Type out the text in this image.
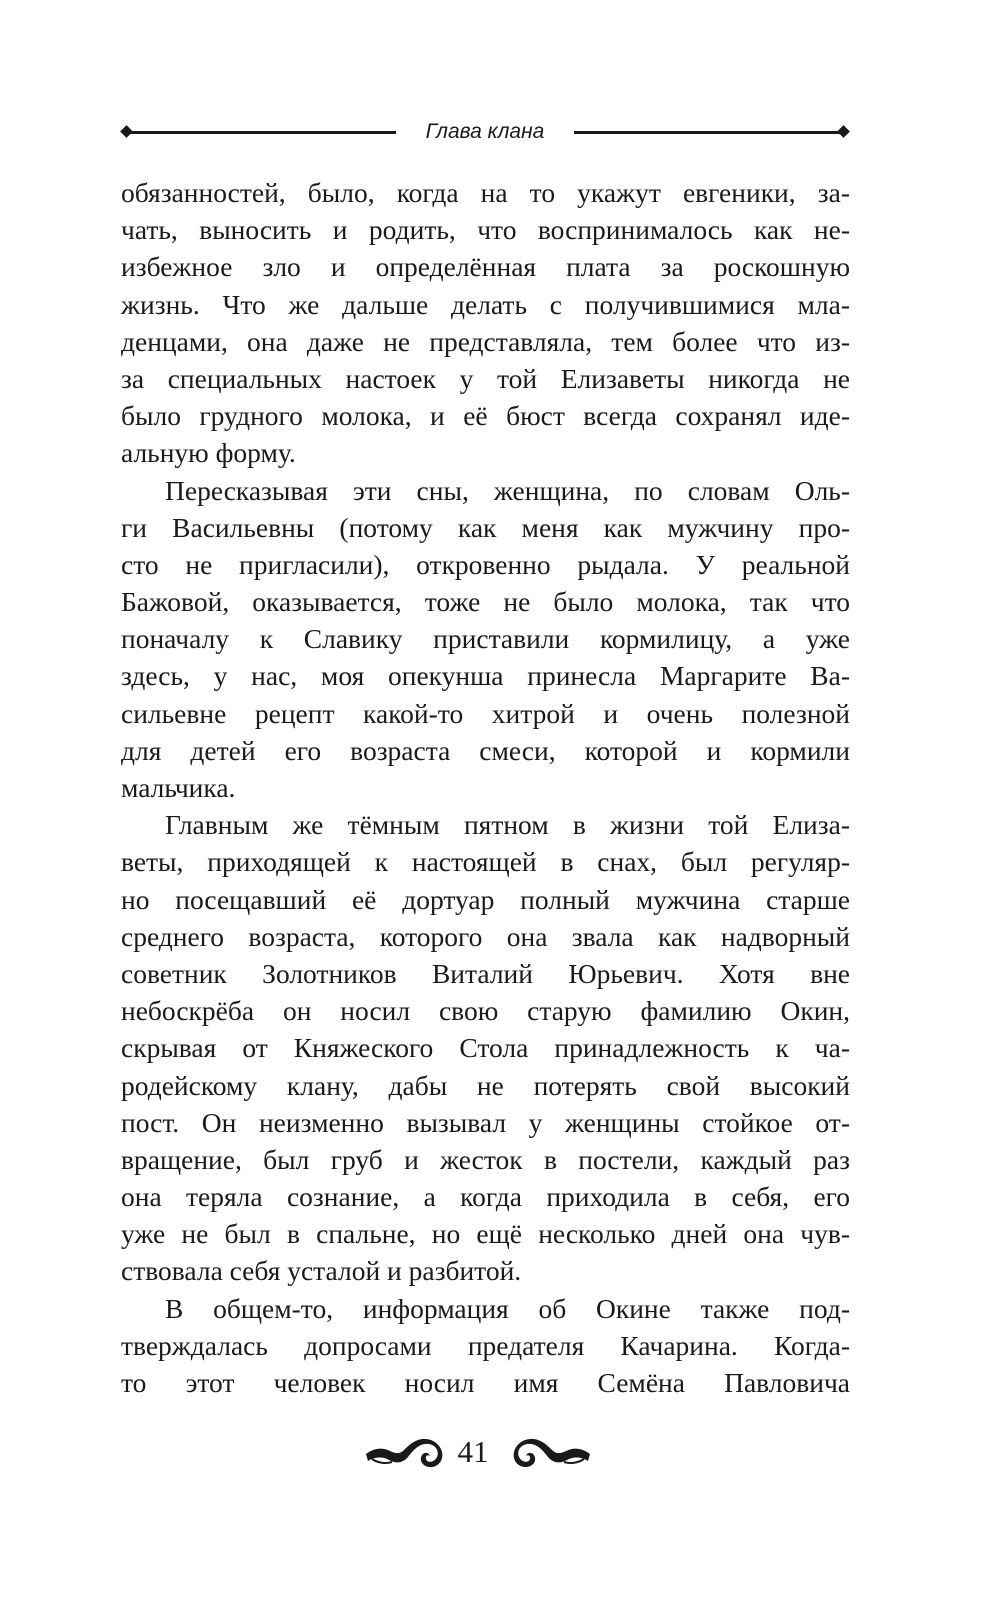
Глава клана
обязанностей, было, когда на то укажут евгеники, за-
чать, выносить и родить, что воспринималось как не-
избежное зло и определённая плата за роскошную
жизнь. Что же дальше делать с получившимися мла-
денцами, она даже не представляла, тем более что из-
за специальных настоек у той Елизаветы никогда не
было грудного молока, и её бюст всегда сохранял иде-
альную форму.
Пересказывая эти сны, женщина, по словам Оль-
ги Васильевны (потому как меня как мужчину про-
сто не пригласили), откровенно рыдала. У реальной
Бажовой, оказывается, тоже не было молока, так что
поначалу к Славику приставили кормилицу, а уже
здесь, у нас, моя опекунша принесла Маргарите Ва-
сильевне рецепт какой-то хитрой и очень полезной
для детей его возраста смеси, которой и кормили
мальчика.
Главным же тёмным пятном в жизни той Елиза-
веты, приходящей к настоящей в снах, был регуляр-
но посещавший её дортуар полный мужчина старше
среднего возраста, которого она звала как надворный
советник Золотников Виталий Юрьевич. Хотя вне
небоскрёба он носил свою старую фамилию Окин,
скрывая от Княжеского Стола принадлежность к ча-
родейскому клану, дабы не потерять свой высокий
пост. Он неизменно вызывал у женщины стойкое от-
вращение, был груб и жесток в постели, каждый раз
она теряла сознание, а когда приходила в себя, его
уже не был в спальне, но ещё несколько дней она чув-
ствовала себя усталой и разбитой.
В общем-то, информация об Окине также под-
тверждалась допросами предателя Качарина. Когда-
то этот человек носил имя Семёна Павловича
41
